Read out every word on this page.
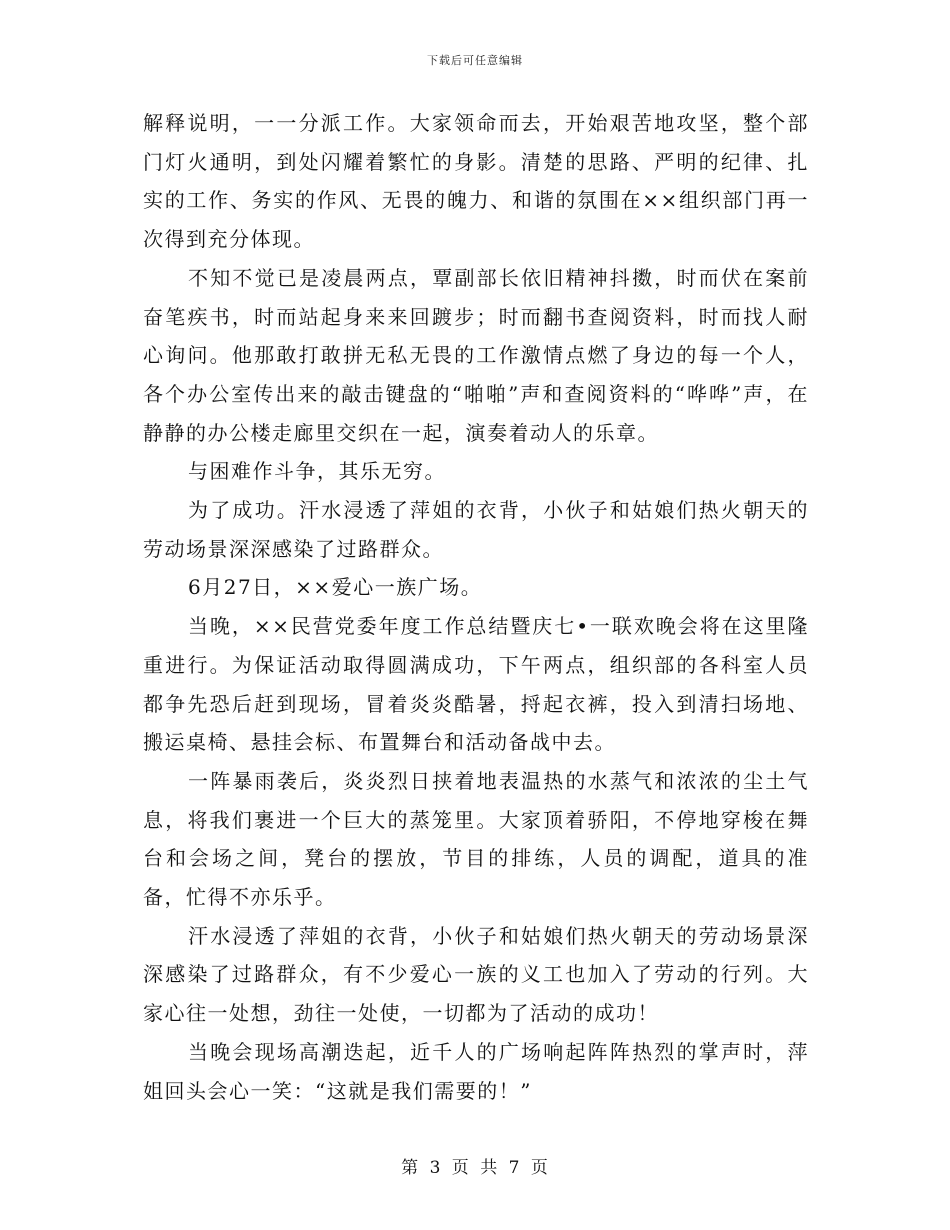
下载后可任意编辑

解释说明，一一分派工作。大家领命而去，开始艰苦地攻坚，整个部门灯火通明，到处闪耀着繁忙的身影。清楚的思路、严明的纪律、扎实的工作、务实的作风、无畏的魄力、和谐的氛围在××组织部门再一次得到充分体现。

不知不觉已是凌晨两点，覃副部长依旧精神抖擞，时而伏在案前奋笔疾书，时而站起身来来回踱步；时而翻书查阅资料，时而找人耐心询问。他那敢打敢拼无私无畏的工作激情点燃了身边的每一个人，各个办公室传出来的敲击键盘的“啪啪”声和查阅资料的“哗哗”声，在静静的办公楼走廊里交织在一起，演奏着动人的乐章。

与困难作斗争，其乐无穷。

为了成功。汗水浸透了萍姐的衣背，小伙子和姑娘们热火朝天的劳动场景深深感染了过路群众。

6月27日，××爱心一族广场。

当晚，××民营党委年度工作总结暨庆七•一联欢晚会将在这里隆重进行。为保证活动取得圆满成功，下午两点，组织部的各科室人员都争先恐后赶到现场，冒着炎炎酷暑，捋起衣裤，投入到清扫场地、搬运桌椅、悬挂会标、布置舞台和活动备战中去。

一阵暴雨袭后，炎炎烈日挟着地表温热的水蒸气和浓浓的尘土气息，将我们裹进一个巨大的蒸笼里。大家顶着骄阳，不停地穿梭在舞台和会场之间，凳台的摆放，节目的排练，人员的调配，道具的准备，忙得不亦乐乎。

汗水浸透了萍姐的衣背，小伙子和姑娘们热火朝天的劳动场景深深感染了过路群众，有不少爱心一族的义工也加入了劳动的行列。大家心往一处想，劲往一处使，一切都为了活动的成功！

当晚会现场高潮迭起，近千人的广场响起阵阵热烈的掌声时，萍姐回头会心一笑：“这就是我们需要的！”

第 3 页 共 7 页
